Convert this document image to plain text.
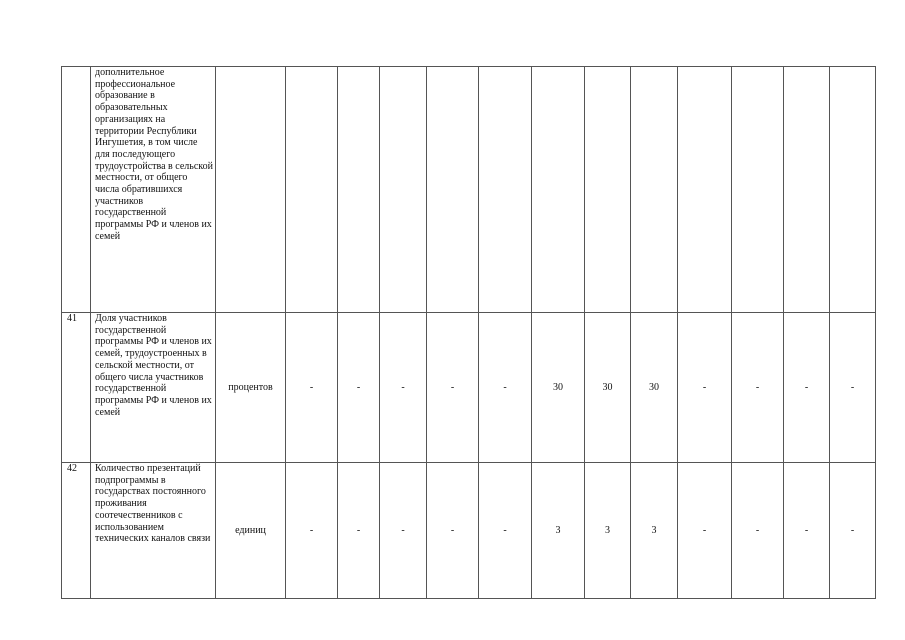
	дополнительное профессиональное образование в образовательных организациях на территории Республики Ингушетия, в том числе для последующего трудоустройства в сельской местности, от общего числа обратившихся участников государственной программы РФ и членов их семей													
41	Доля участников государственной программы РФ и членов их семей, трудоустроенных в сельской местности, от общего числа участников государственной программы РФ и членов их семей	процентов	-	-	-	-	-	30	30	30	-	-	-	-
42	Количество презентаций подпрограммы в государствах постоянного проживания соотечественников с использованием технических каналов связи	единиц	-	-	-	-	-	3	3	3	-	-	-	-
